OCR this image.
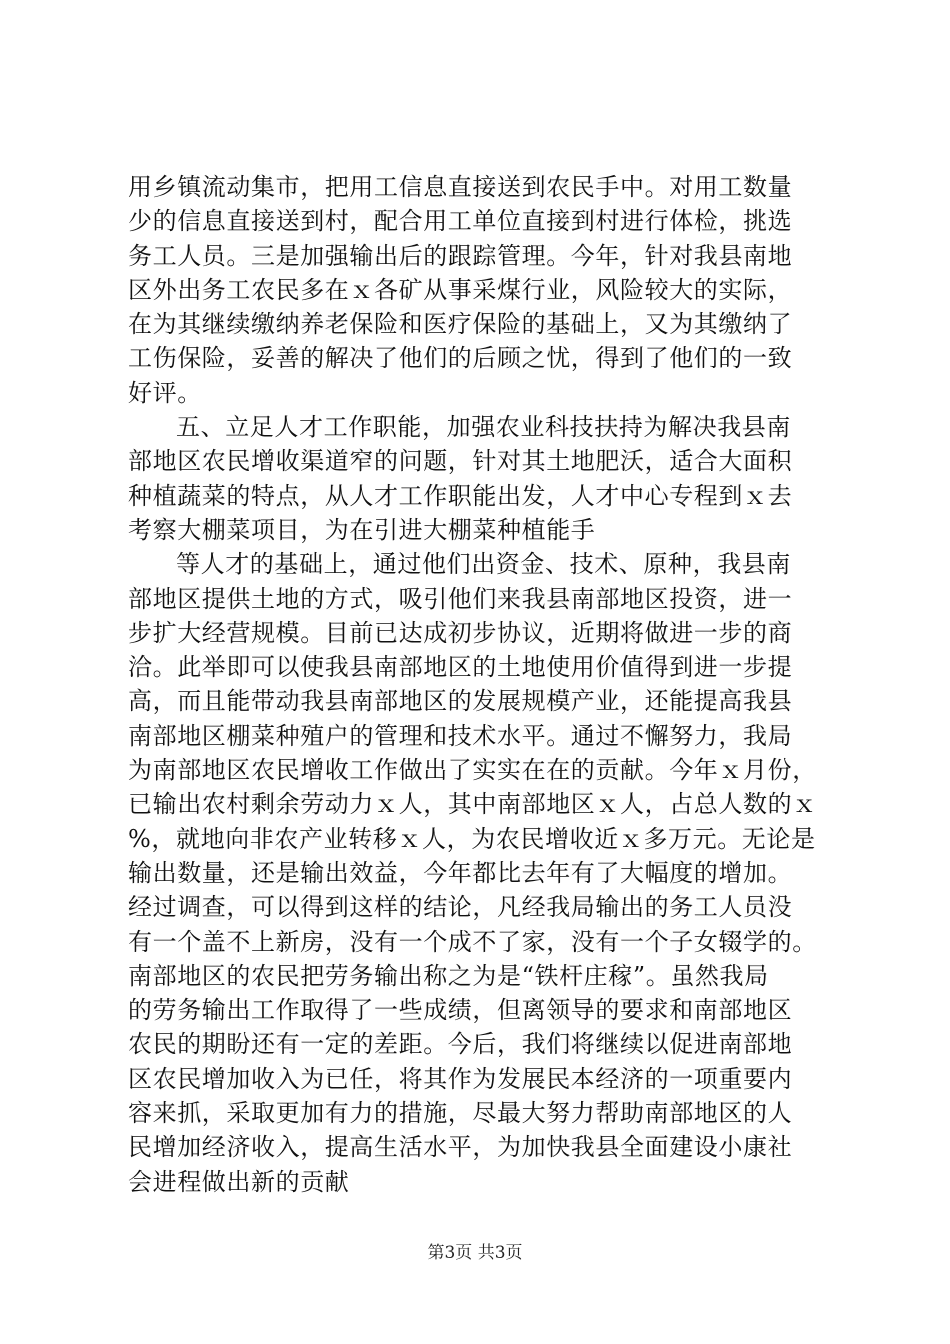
用乡镇流动集市，把用工信息直接送到农民手中。对用工数量
少的信息直接送到村，配合用工单位直接到村进行体检，挑选
务工人员。三是加强输出后的跟踪管理。今年，针对我县南地
区外出务工农民多在ｘ各矿从事采煤行业，风险较大的实际，
在为其继续缴纳养老保险和医疗保险的基础上，又为其缴纳了
工伤保险，妥善的解决了他们的后顾之忧，得到了他们的一致
好评。
五、立足人才工作职能，加强农业科技扶持为解决我县南
部地区农民增收渠道窄的问题，针对其土地肥沃，适合大面积
种植蔬菜的特点，从人才工作职能出发，人才中心专程到ｘ去
考察大棚菜项目，为在引进大棚菜种植能手
等人才的基础上，通过他们出资金、技术、原种，我县南
部地区提供土地的方式，吸引他们来我县南部地区投资，进一
步扩大经营规模。目前已达成初步协议，近期将做进一步的商
洽。此举即可以使我县南部地区的土地使用价值得到进一步提
高，而且能带动我县南部地区的发展规模产业，还能提高我县
南部地区棚菜种殖户的管理和技术水平。通过不懈努力，我局
为南部地区农民增收工作做出了实实在在的贡献。今年ｘ月份，
已输出农村剩余劳动力ｘ人，其中南部地区ｘ人，占总人数的ｘ
%，就地向非农产业转移ｘ人，为农民增收近ｘ多万元。无论是
输出数量，还是输出效益，今年都比去年有了大幅度的增加。
经过调查，可以得到这样的结论，凡经我局输出的务工人员没
有一个盖不上新房，没有一个成不了家，没有一个子女辍学的。
南部地区的农民把劳务输出称之为是“铁杆庄稼”。虽然我局
的劳务输出工作取得了一些成绩，但离领导的要求和南部地区
农民的期盼还有一定的差距。今后，我们将继续以促进南部地
区农民增加收入为已任，将其作为发展民本经济的一项重要内
容来抓，采取更加有力的措施，尽最大努力帮助南部地区的人
民增加经济收入，提高生活水平，为加快我县全面建设小康社
会进程做出新的贡献
第3页 共3页
